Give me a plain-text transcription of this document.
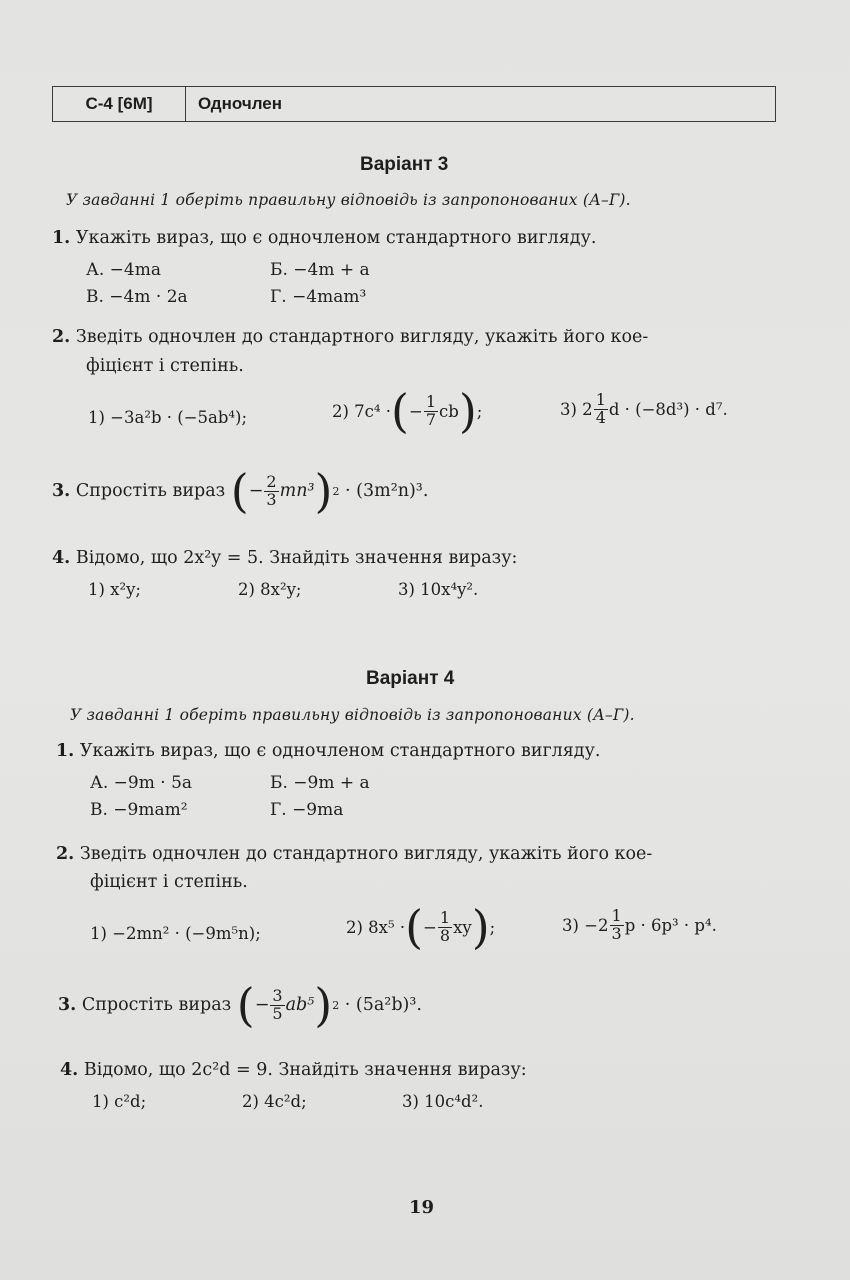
С-4 [6М]	Одночлен
Варіант 3
У завданні 1 оберіть правильну відповідь із запропонованих (А–Г).
1. Укажіть вираз, що є одночленом стандартного вигляду.
А. −4ma	Б. −4m + a
В. −4m · 2a	Г. −4mam³
2. Зведіть одночлен до стандартного вигляду, укажіть його кое-
фіцієнт і степінь.
1) −3a²b · (−5ab⁴);	2) 7c⁴ · ( − $\frac{1}{7}$ cb ) ;	3) $2 \frac{1}{4}$ d · (−8d³) · d⁷.
3.
Спростіть вираз
( − $\frac{2}{3} mn^3$ ) 2
· (3m²n)³.
4. Відомо, що 2x²y = 5. Знайдіть значення виразу:
1) x²y;	2) 8x²y;	3) 10x⁴y².
Варіант 4
У завданні 1 оберіть правильну відповідь із запропонованих (А–Г).
1. Укажіть вираз, що є одночленом стандартного вигляду.
А. −9m · 5a	Б. −9m + a
В. −9mam²	Г. −9ma
2. Зведіть одночлен до стандартного вигляду, укажіть його кое-
фіцієнт і степінь.
1) −2mn² · (−9m⁵n);	2) 8x⁵ · ( − $\frac{1}{8}$ xy ) ;	$3) -2 \frac{1}{3}$ p · 6p³ · p⁴.
3.
Спростіть вираз
( − $\frac{3}{5} ab^5$ ) 2
· (5a²b)³.
4. Відомо, що 2c²d = 9. Знайдіть значення виразу:
1) c²d;	2) 4c²d;	3) 10c⁴d².
19
